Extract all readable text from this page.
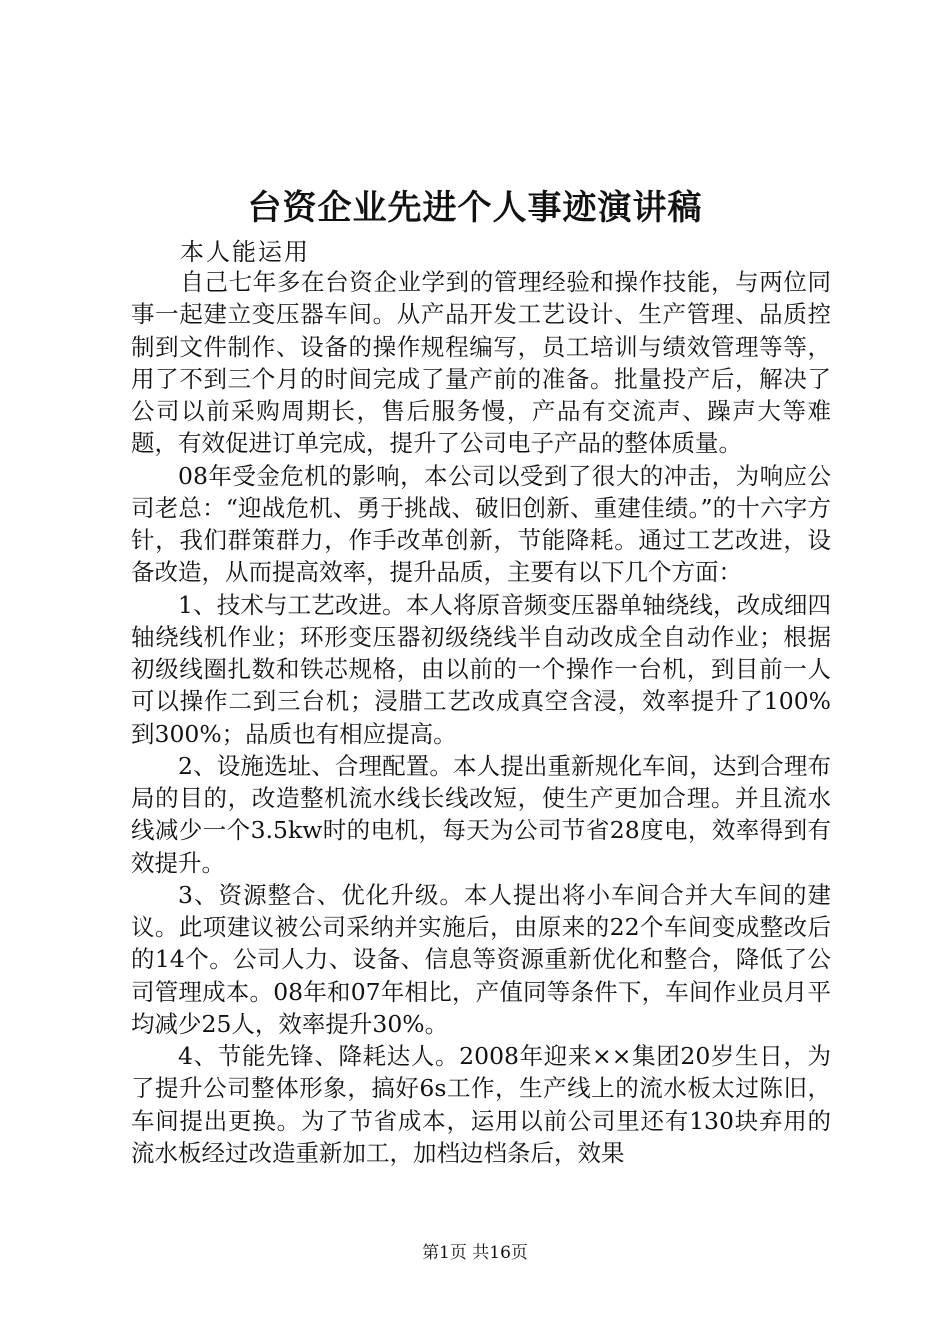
台资企业先进个人事迹演讲稿
本人能运用

自己七年多在台资企业学到的管理经验和操作技能，与两位同事一起建立变压器车间。从产品开发工艺设计、生产管理、品质控制到文件制作、设备的操作规程编写，员工培训与绩效管理等等，用了不到三个月的时间完成了量产前的准备。批量投产后，解决了公司以前采购周期长，售后服务慢，产品有交流声、躁声大等难题，有效促进订单完成，提升了公司电子产品的整体质量。

08年受金危机的影响，本公司以受到了很大的冲击，为响应公司老总：“迎战危机、勇于挑战、破旧创新、重建佳绩。”的十六字方针，我们群策群力，作手改革创新，节能降耗。通过工艺改进，设备改造，从而提高效率，提升品质，主要有以下几个方面：

1、技术与工艺改进。本人将原音频变压器单轴绕线，改成细四轴绕线机作业；环形变压器初级绕线半自动改成全自动作业；根据初级线圈扎数和铁芯规格，由以前的一个操作一台机，到目前一人可以操作二到三台机；浸腊工艺改成真空含浸，效率提升了100%到300%；品质也有相应提高。

2、设施选址、合理配置。本人提出重新规化车间，达到合理布局的目的，改造整机流水线长线改短，使生产更加合理。并且流水线减少一个3.5kw时的电机，每天为公司节省28度电，效率得到有效提升。

3、资源整合、优化升级。本人提出将小车间合并大车间的建议。此项建议被公司采纳并实施后，由原来的22个车间变成整改后的14个。公司人力、设备、信息等资源重新优化和整合，降低了公司管理成本。08年和07年相比，产值同等条件下，车间作业员月平均减少25人，效率提升30%。

4、节能先锋、降耗达人。2008年迎来××集团20岁生日，为了提升公司整体形象，搞好6s工作，生产线上的流水板太过陈旧，车间提出更换。为了节省成本，运用以前公司里还有130块弃用的流水板经过改造重新加工，加档边档条后，效果

第1页 共16页
